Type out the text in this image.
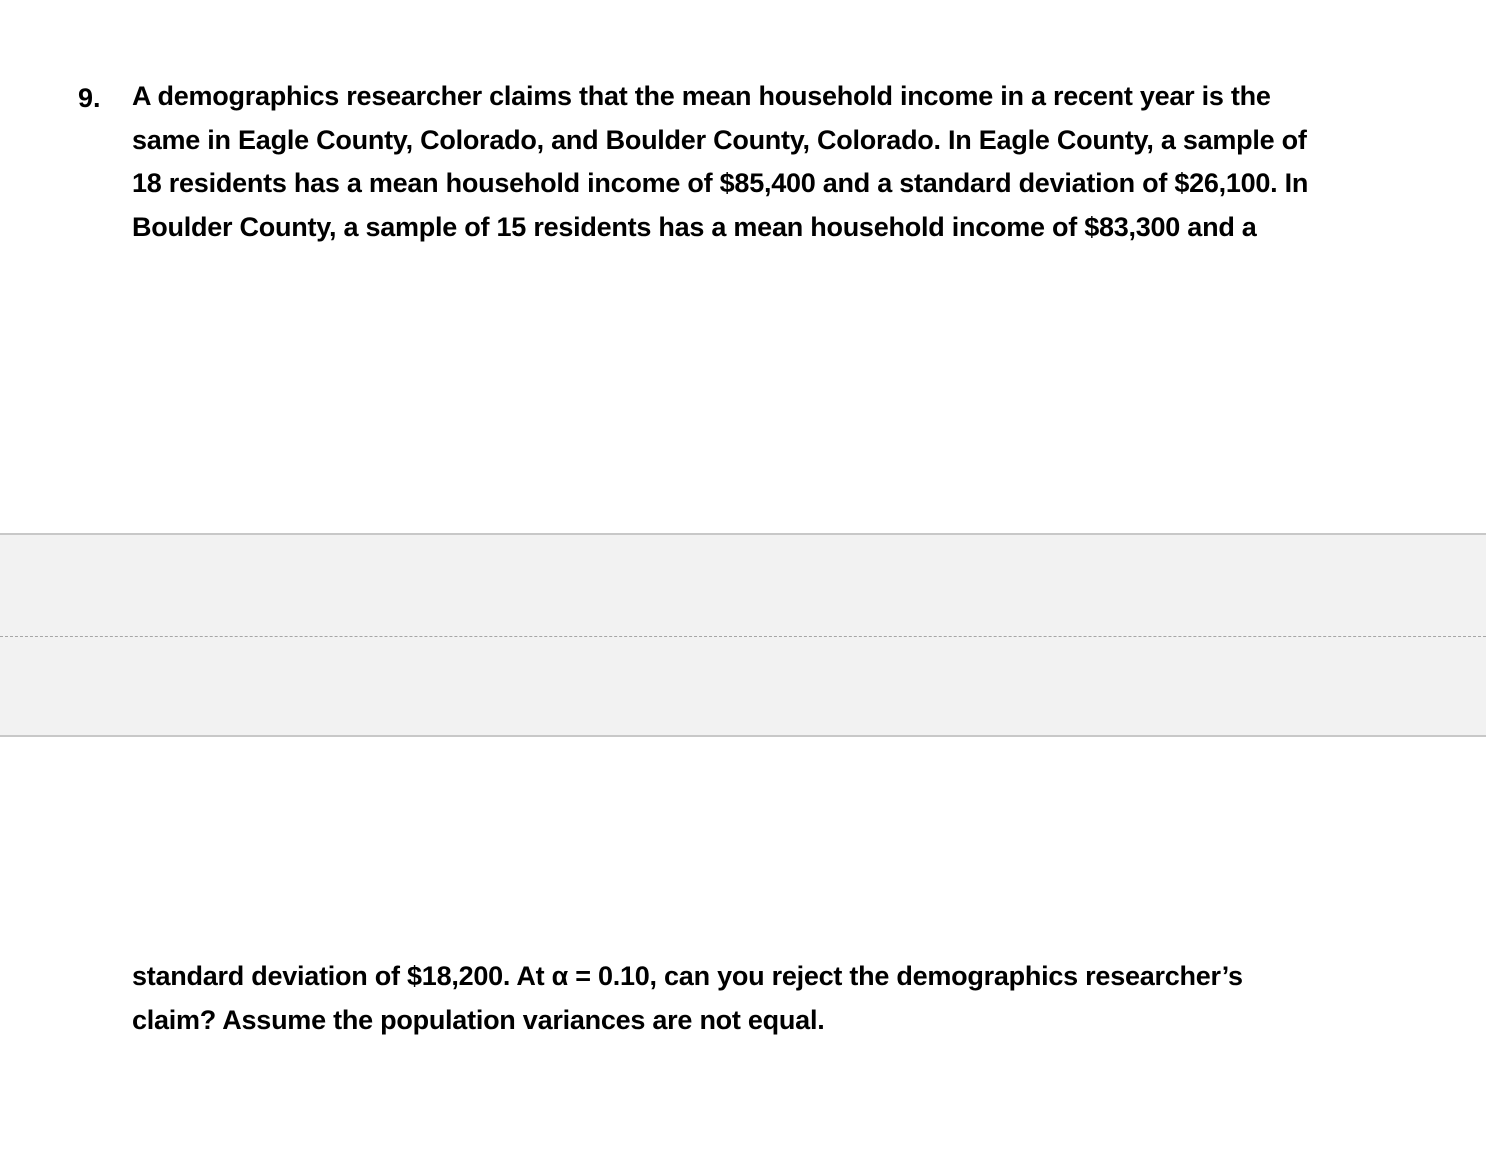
9. A demographics researcher claims that the mean household income in a recent year is the
same in Eagle County, Colorado, and Boulder County, Colorado. In Eagle County, a sample of
18 residents has a mean household income of $85,400 and a standard deviation of $26,100. In
Boulder County, a sample of 15 residents has a mean household income of $83,300 and a
standard deviation of $18,200. At α = 0.10, can you reject the demographics researcher’s
claim? Assume the population variances are not equal.
